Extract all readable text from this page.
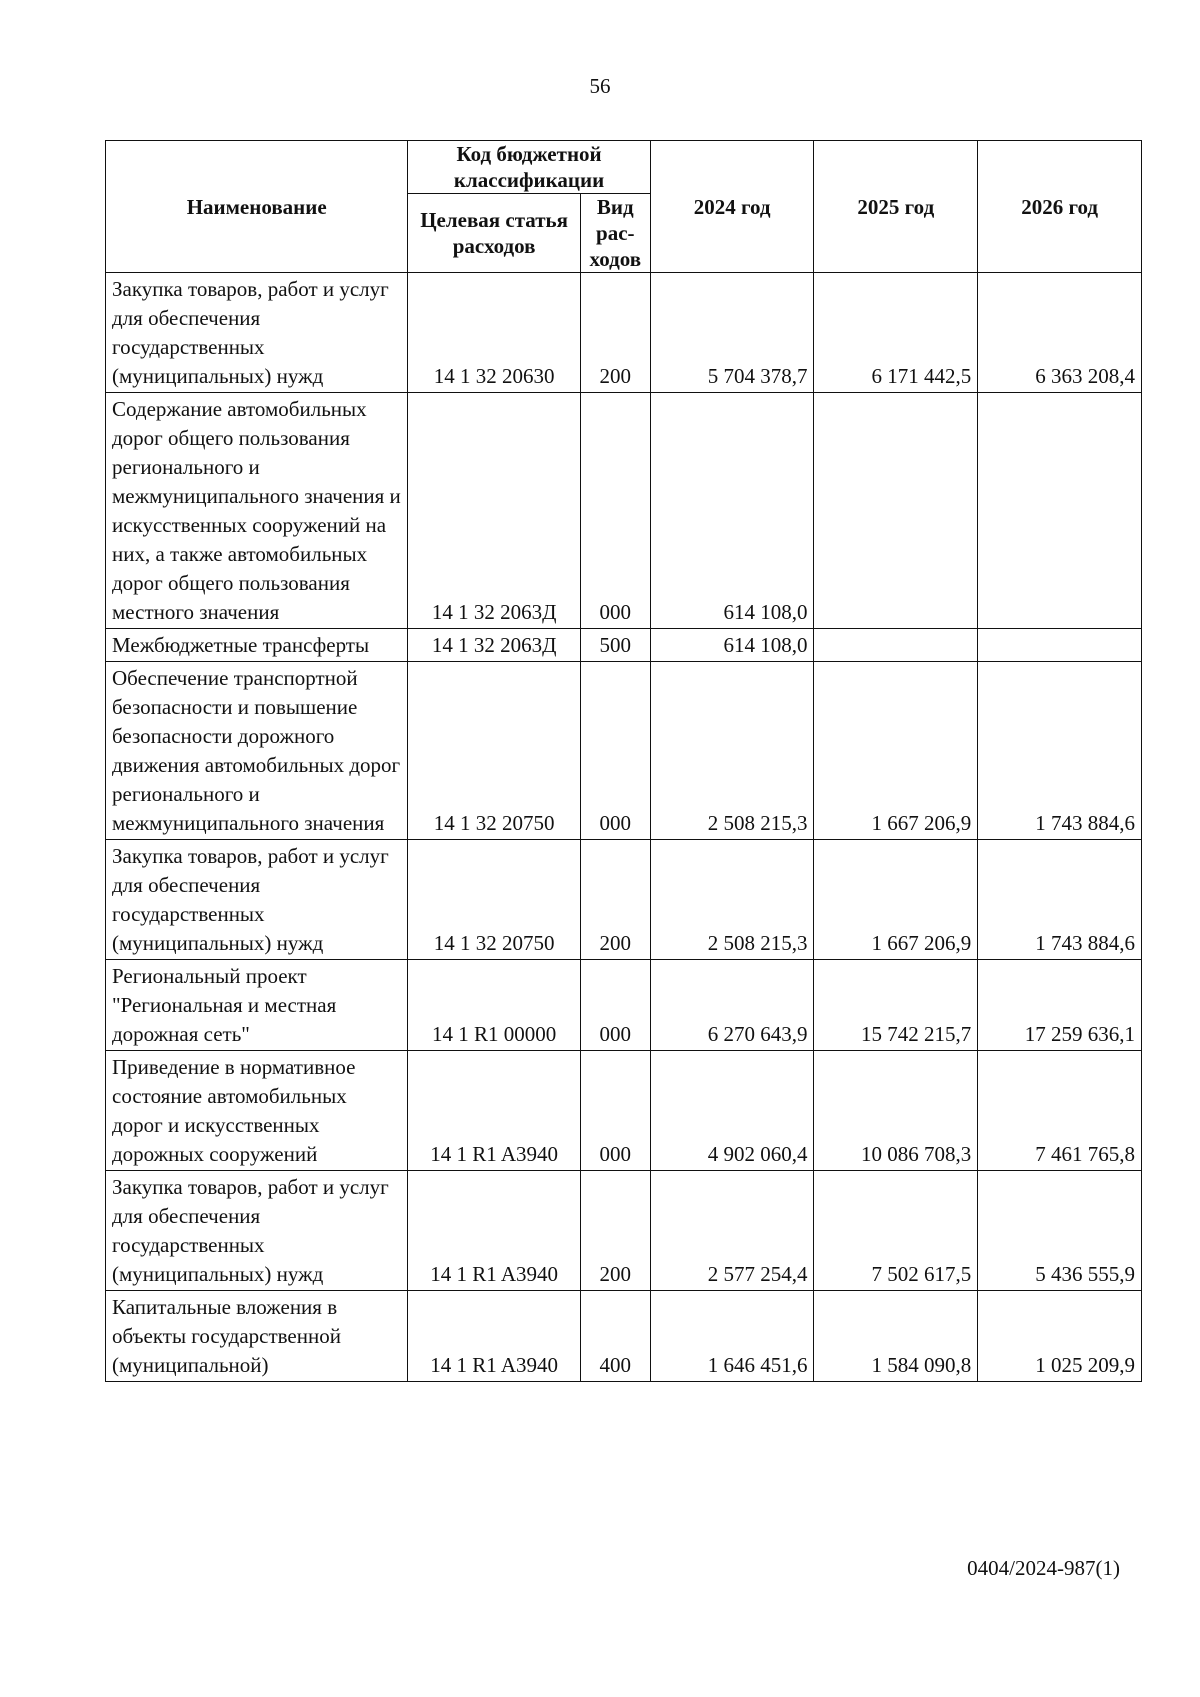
56
Наименование	Код бюджетной классификации		2024 год	2025 год	2026 год
	Целевая статья расходов	Вид рас-ходов			
Закупка товаров, работ и услуг для обеспечения государственных (муниципальных) нужд	14 1 32 20630	200	5 704 378,7	6 171 442,5	6 363 208,4
Содержание автомобильных дорог общего пользования регионального и межмуниципального значения и искусственных сооружений на них, а также автомобильных дорог общего пользования местного значения	14 1 32 2063Д	000	614 108,0		
Межбюджетные трансферты	14 1 32 2063Д	500	614 108,0		
Обеспечение транспортной безопасности и повышение безопасности дорожного движения автомобильных дорог регионального и межмуниципального значения	14 1 32 20750	000	2 508 215,3	1 667 206,9	1 743 884,6
Закупка товаров, работ и услуг для обеспечения государственных (муниципальных) нужд	14 1 32 20750	200	2 508 215,3	1 667 206,9	1 743 884,6
Региональный проект "Региональная и местная дорожная сеть"	14 1 R1 00000	000	6 270 643,9	15 742 215,7	17 259 636,1
Приведение в нормативное состояние автомобильных дорог и искусственных дорожных сооружений	14 1 R1 A3940	000	4 902 060,4	10 086 708,3	7 461 765,8
Закупка товаров, работ и услуг для обеспечения государственных (муниципальных) нужд	14 1 R1 A3940	200	2 577 254,4	7 502 617,5	5 436 555,9
Капитальные вложения в объекты государственной (муниципальной)	14 1 R1 A3940	400	1 646 451,6	1 584 090,8	1 025 209,9
0404/2024-987(1)
